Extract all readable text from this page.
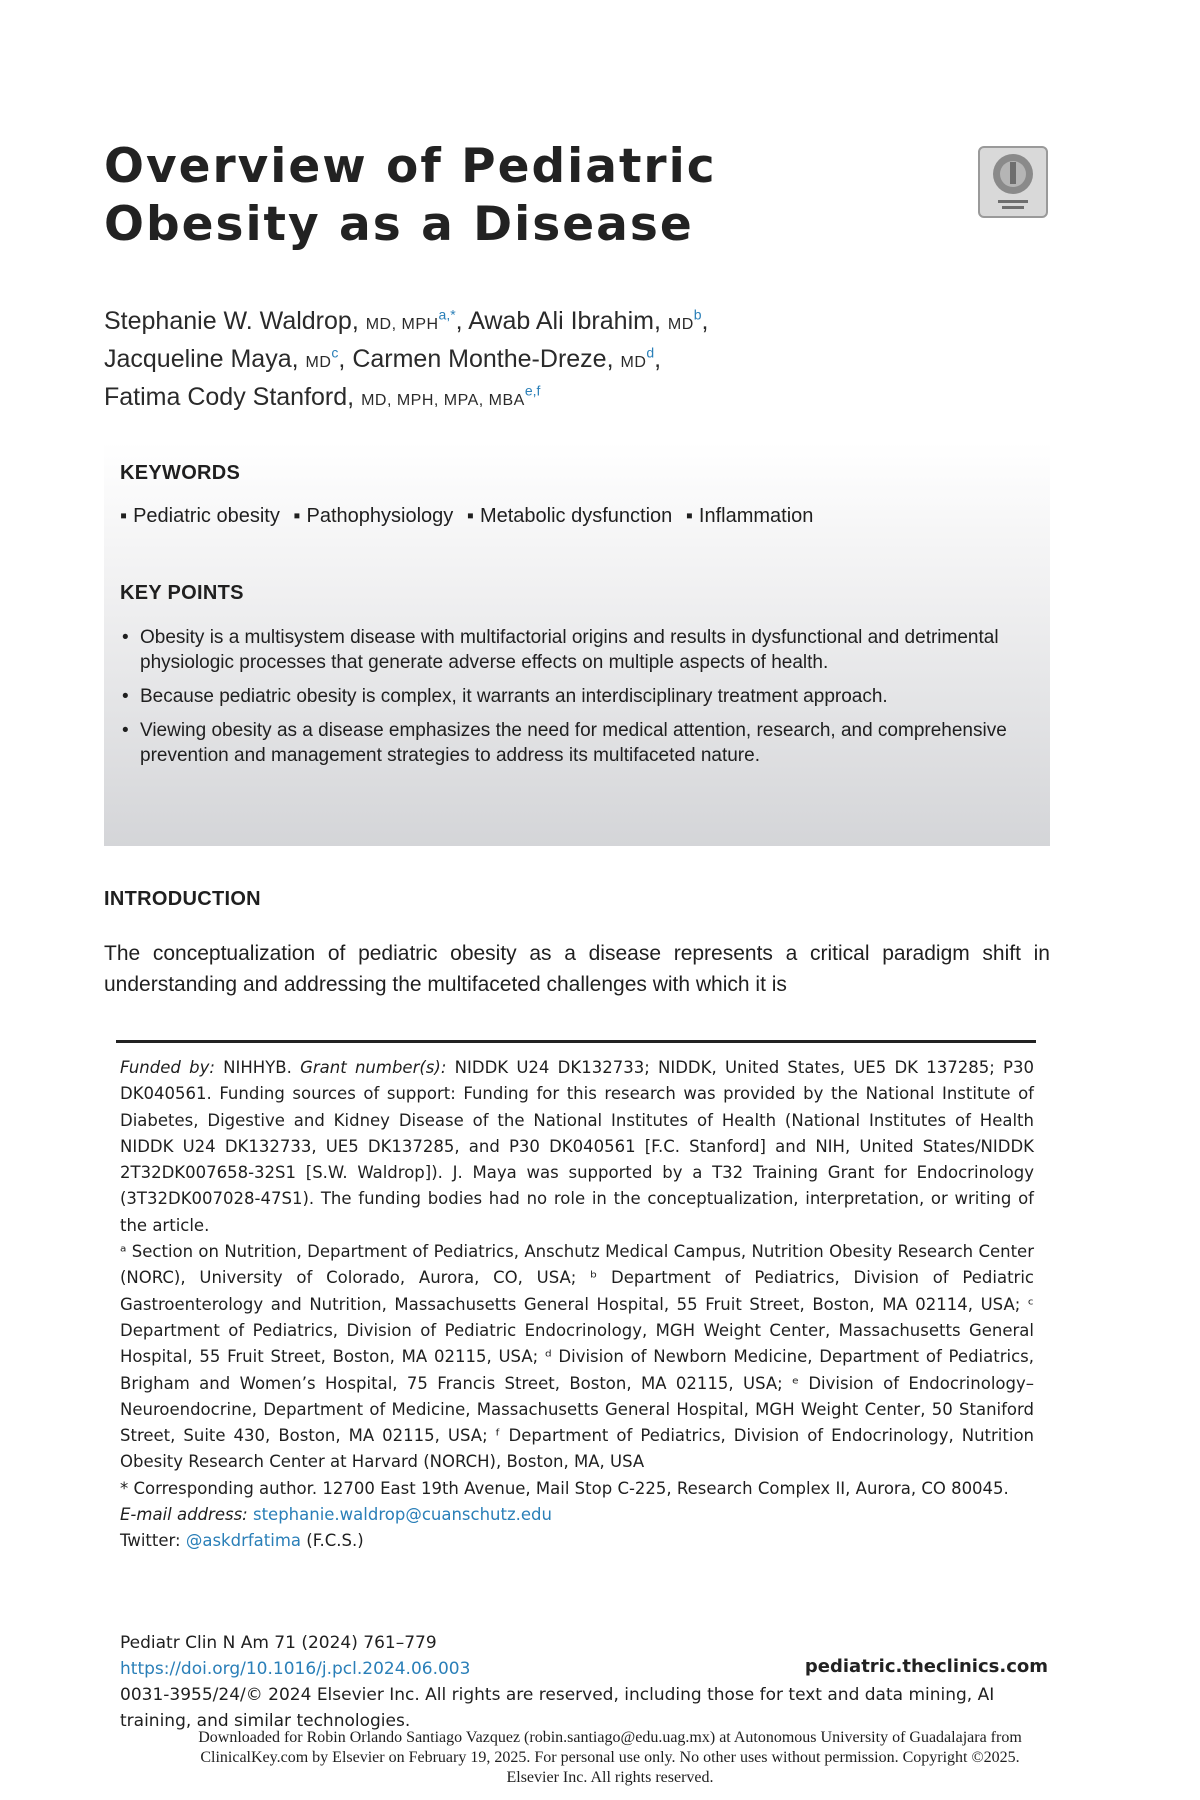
Overview of Pediatric
Obesity as a Disease
Stephanie W. Waldrop, MD, $MPH^{a,*}$, Awab Ali Ibrahim, $MD^b$,
Jacqueline Maya, $MD^c$, Carmen Monthe-Dreze, $MD^d$,
Fatima Cody Stanford, MD, MPH, MPA, MBA$^{e,f}$
KEYWORDS
▪ Pediatric obesity ▪ Pathophysiology ▪ Metabolic dysfunction ▪ Inflammation
KEY POINTS
• Obesity is a multisystem disease with multifactorial origins and results in dysfunctional and detrimental physiologic processes that generate adverse effects on multiple aspects of health.
• Because pediatric obesity is complex, it warrants an interdisciplinary treatment approach.
• Viewing obesity as a disease emphasizes the need for medical attention, research, and comprehensive prevention and management strategies to address its multifaceted nature.
INTRODUCTION

The conceptualization of pediatric obesity as a disease represents a critical paradigm shift in understanding and addressing the multifaceted challenges with which it is

Funded by: NIHHYB. Grant number(s): NIDDK U24 DK132733; NIDDK, United States, UE5 DK 137285; P30 DK040561. Funding sources of support: Funding for this research was provided by the National Institute of Diabetes, Digestive and Kidney Disease of the National Institutes of Health (National Institutes of Health NIDDK U24 DK132733, UE5 DK137285, and P30 DK040561 [F.C. Stanford] and NIH, United States/NIDDK 2T32DK007658-32S1 [S.W. Waldrop]). J. Maya was supported by a T32 Training Grant for Endocrinology (3T32DK007028-47S1). The funding bodies had no role in the conceptualization, interpretation, or writing of the article.

ᵃ Section on Nutrition, Department of Pediatrics, Anschutz Medical Campus, Nutrition Obesity Research Center (NORC), University of Colorado, Aurora, CO, USA; ᵇ Department of Pediatrics, Division of Pediatric Gastroenterology and Nutrition, Massachusetts General Hospital, 55 Fruit Street, Boston, MA 02114, USA; ᶜ Department of Pediatrics, Division of Pediatric Endocrinology, MGH Weight Center, Massachusetts General Hospital, 55 Fruit Street, Boston, MA 02115, USA; ᵈ Division of Newborn Medicine, Department of Pediatrics, Brigham and Women’s Hospital, 75 Francis Street, Boston, MA 02115, USA; ᵉ Division of Endocrinology–Neuroendocrine, Department of Medicine, Massachusetts General Hospital, MGH Weight Center, 50 Staniford Street, Suite 430, Boston, MA 02115, USA; ᶠ Department of Pediatrics, Division of Endocrinology, Nutrition Obesity Research Center at Harvard (NORCH), Boston, MA, USA

* Corresponding author. 12700 East 19th Avenue, Mail Stop C-225, Research Complex II, Aurora, CO 80045.

E-mail address: stephanie.waldrop@cuanschutz.edu

Twitter: @askdrfatima (F.C.S.)

Pediatr Clin N Am 71 (2024) 761–779
https://doi.org/10.1016/j.pcl.2024.06.003
0031-3955/24/© 2024 Elsevier Inc. All rights are reserved, including those for text and data mining, AI training, and similar technologies.
pediatric.theclinics.com
Downloaded for Robin Orlando Santiago Vazquez (robin.santiago@edu.uag.mx) at Autonomous University of Guadalajara from ClinicalKey.com by Elsevier on February 19, 2025. For personal use only. No other uses without permission. Copyright ©2025. Elsevier Inc. All rights reserved.
